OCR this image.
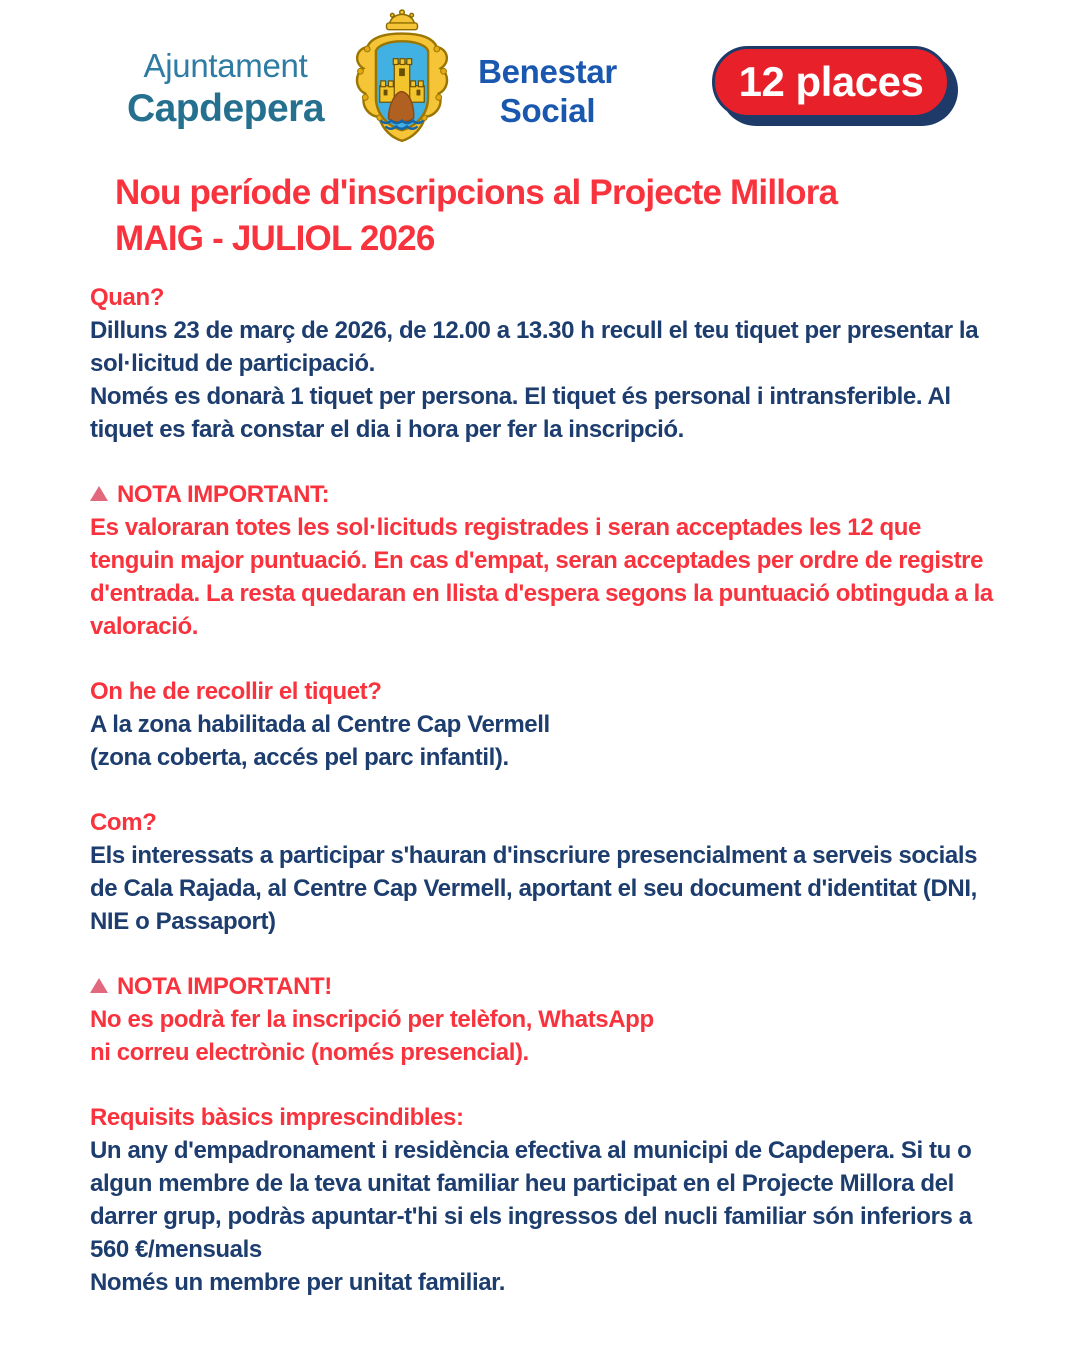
Ajuntament
Capdepera
Benestar
Social
12 places
Nou període d'inscripcions al Projecte Millora
MAIG - JULIOL 2026
Quan?

Dilluns 23 de març de 2026, de 12.00 a 13.30 h recull el teu tiquet per presentar la sol·licitud de participació.

Només es donarà 1 tiquet per persona. El tiquet és personal i intransferible. Al tiquet es farà constar el dia i hora per fer la inscripció.

NOTA IMPORTANT:

Es valoraran totes les sol·licituds registrades i seran acceptades les 12 que tenguin major puntuació. En cas d'empat, seran acceptades per ordre de registre d'entrada. La resta quedaran en llista d'espera segons la puntuació obtinguda a la valoració.

On he de recollir el tiquet?

A la zona habilitada al Centre Cap Vermell

(zona coberta, accés pel parc infantil).

Com?

Els interessats a participar s'hauran d'inscriure presencialment a serveis socials de Cala Rajada, al Centre Cap Vermell, aportant el seu document d'identitat (DNI, NIE o Passaport)

NOTA IMPORTANT!

No es podrà fer la inscripció per telèfon, WhatsApp

ni correu electrònic (només presencial).

Requisits bàsics imprescindibles:

Un any d'empadronament i residència efectiva al municipi de Capdepera. Si tu o algun membre de la teva unitat familiar heu participat en el Projecte Millora del darrer grup, podràs apuntar-t'hi si els ingressos del nucli familiar són inferiors a 560 €/mensuals

Només un membre per unitat familiar.
